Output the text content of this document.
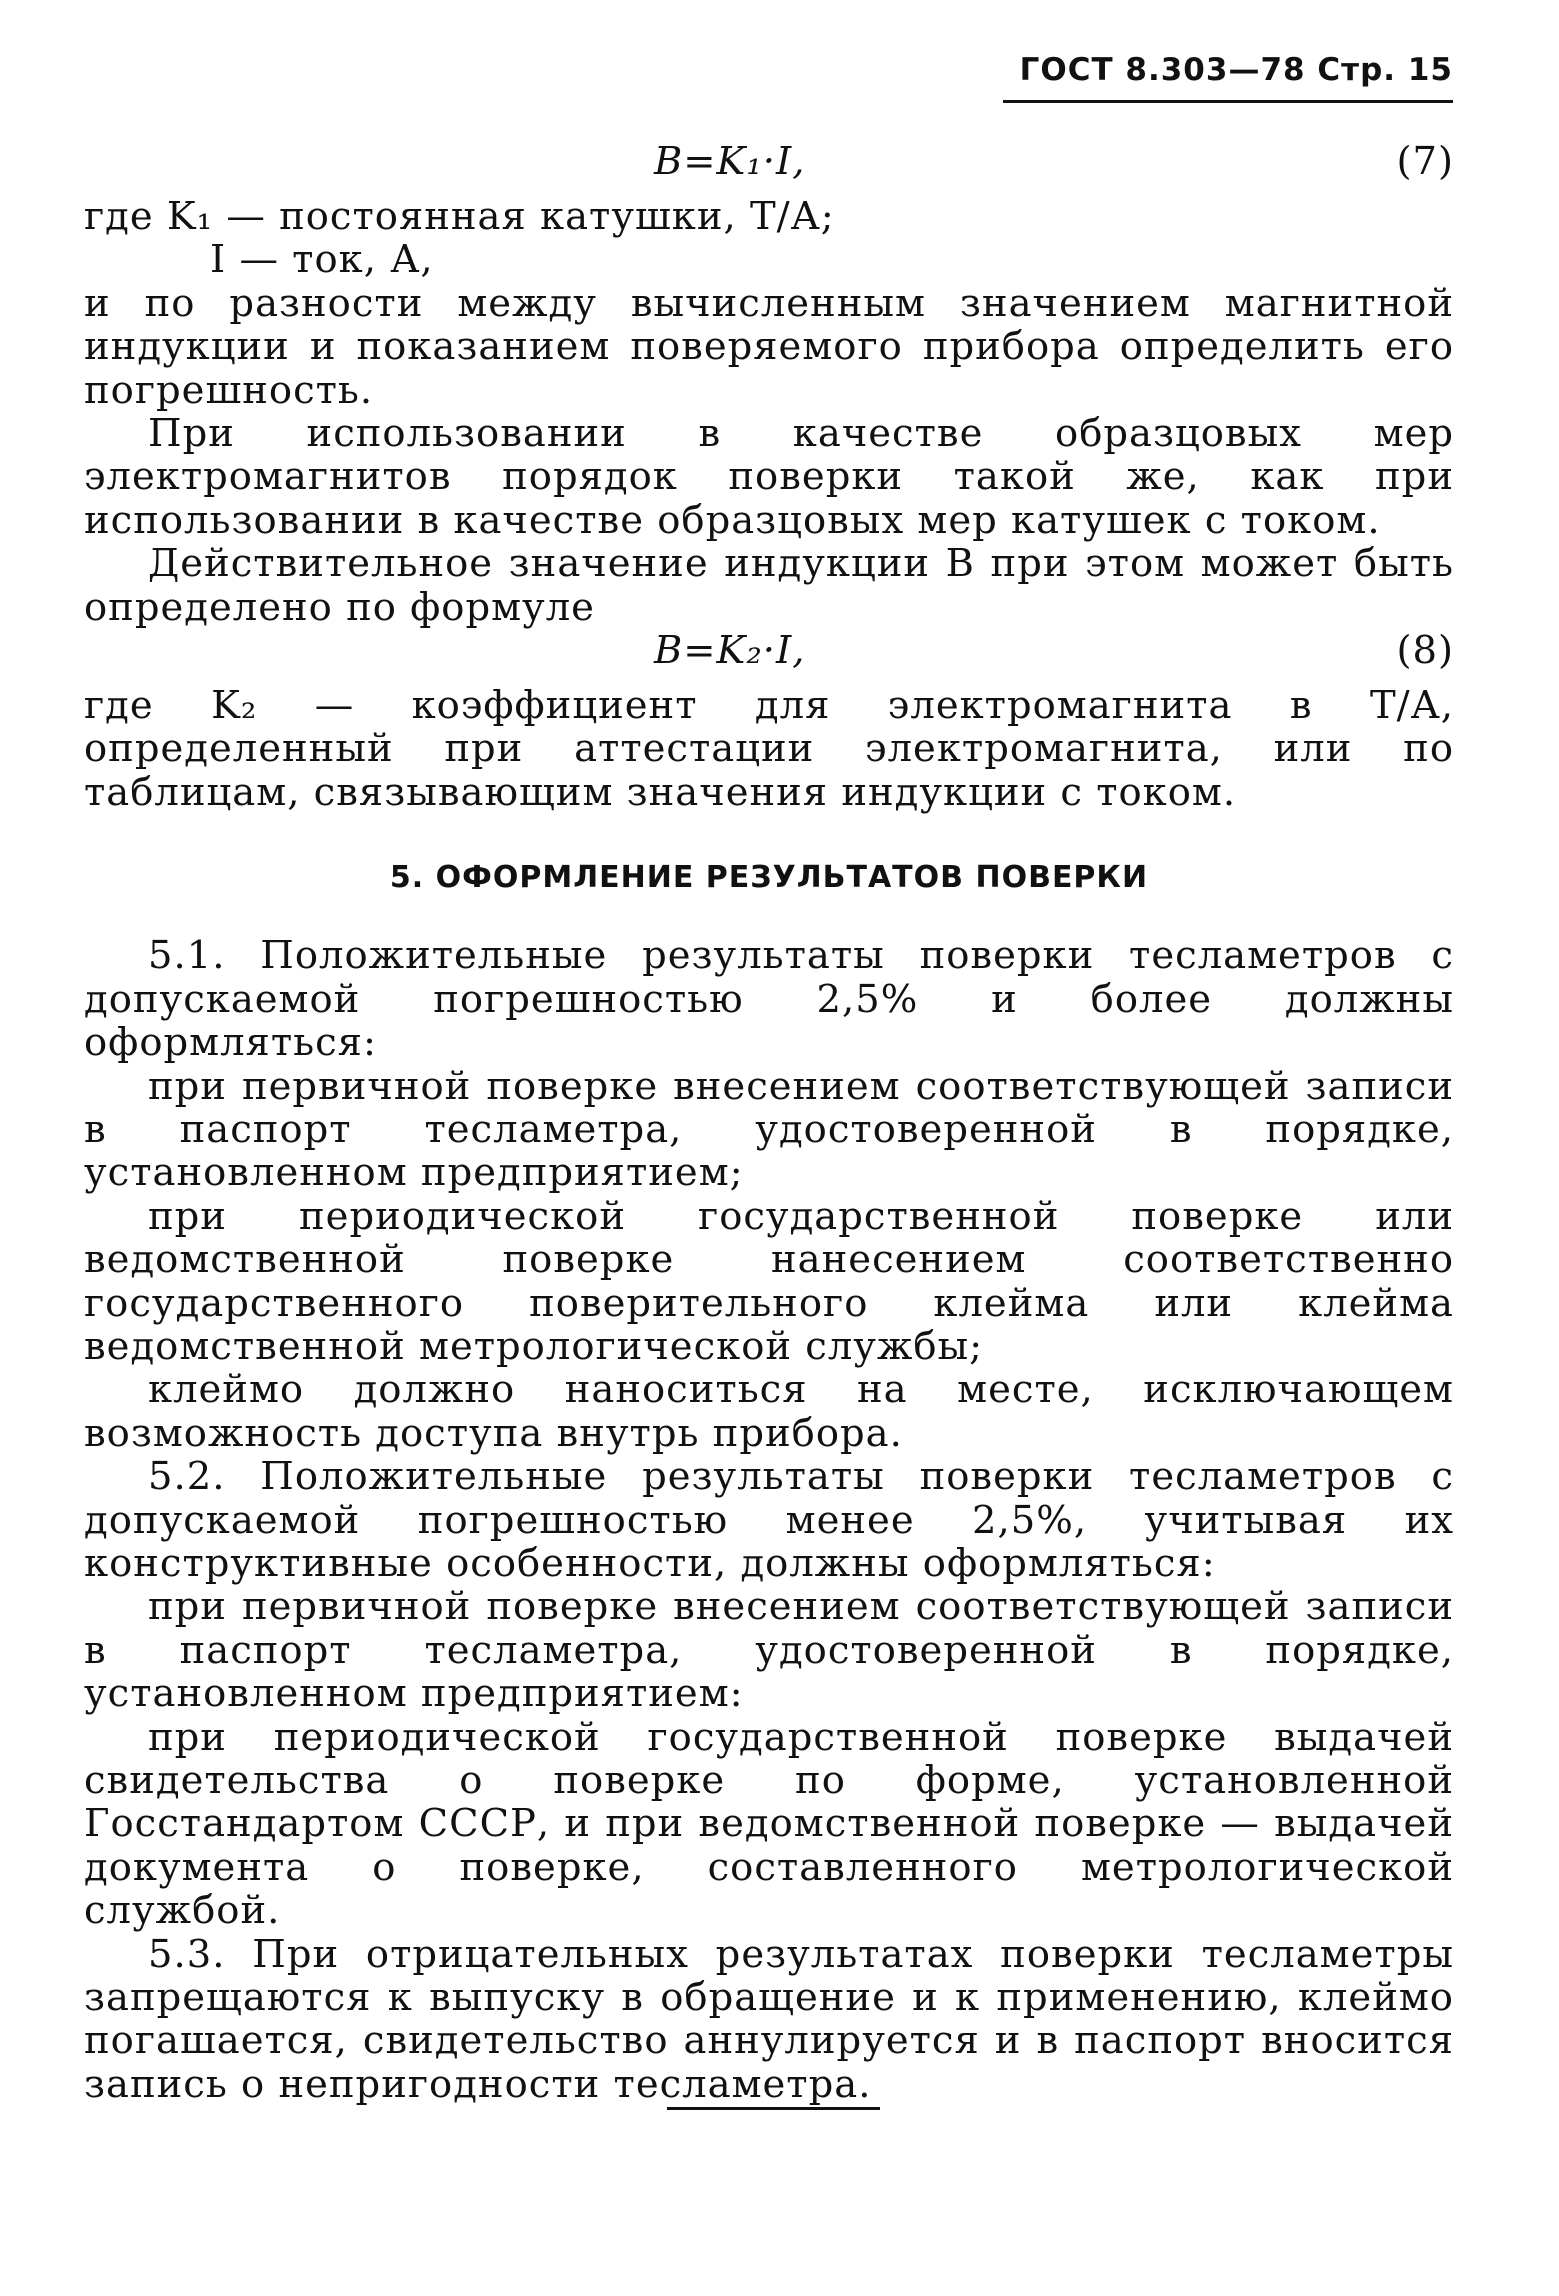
ГОСТ 8.303—78 Стр. 15
B=K₁·I,	(7)

где K₁ — постоянная катушки, Т/А;

I — ток, А,

и по разности между вычисленным значением магнитной индукции и показанием поверяемого прибора определить его погрешность.

При использовании в качестве образцовых мер электромагнитов порядок поверки такой же, как при использовании в качестве образцовых мер катушек с током.

Действительное значение индукции B при этом может быть определено по формуле

B=K₂·I,	(8)

где K₂ — коэффициент для электромагнита в Т/А, определенный при аттестации электромагнита, или по таблицам, связывающим значения индукции с током.

5. ОФОРМЛЕНИЕ РЕЗУЛЬТАТОВ ПОВЕРКИ

5.1. Положительные результаты поверки тесламетров с допускаемой погрешностью 2,5% и более должны оформляться:

при первичной поверке внесением соответствующей записи в паспорт тесламетра, удостоверенной в порядке, установленном предприятием;

при периодической государственной поверке или ведомственной поверке нанесением соответственно государственного поверительного клейма или клейма ведомственной метрологической службы;

клеймо должно наноситься на месте, исключающем возможность доступа внутрь прибора.

5.2. Положительные результаты поверки тесламетров с допускаемой погрешностью менее 2,5%, учитывая их конструктивные особенности, должны оформляться:

при первичной поверке внесением соответствующей записи в паспорт тесламетра, удостоверенной в порядке, установленном предприятием:

при периодической государственной поверке выдачей свидетельства о поверке по форме, установленной Госстандартом СССР, и при ведомственной поверке — выдачей документа о поверке, составленного метрологической службой.

5.3. При отрицательных результатах поверки тесламетры запрещаются к выпуску в обращение и к применению, клеймо погашается, свидетельство аннулируется и в паспорт вносится запись о непригодности тесламетра.
